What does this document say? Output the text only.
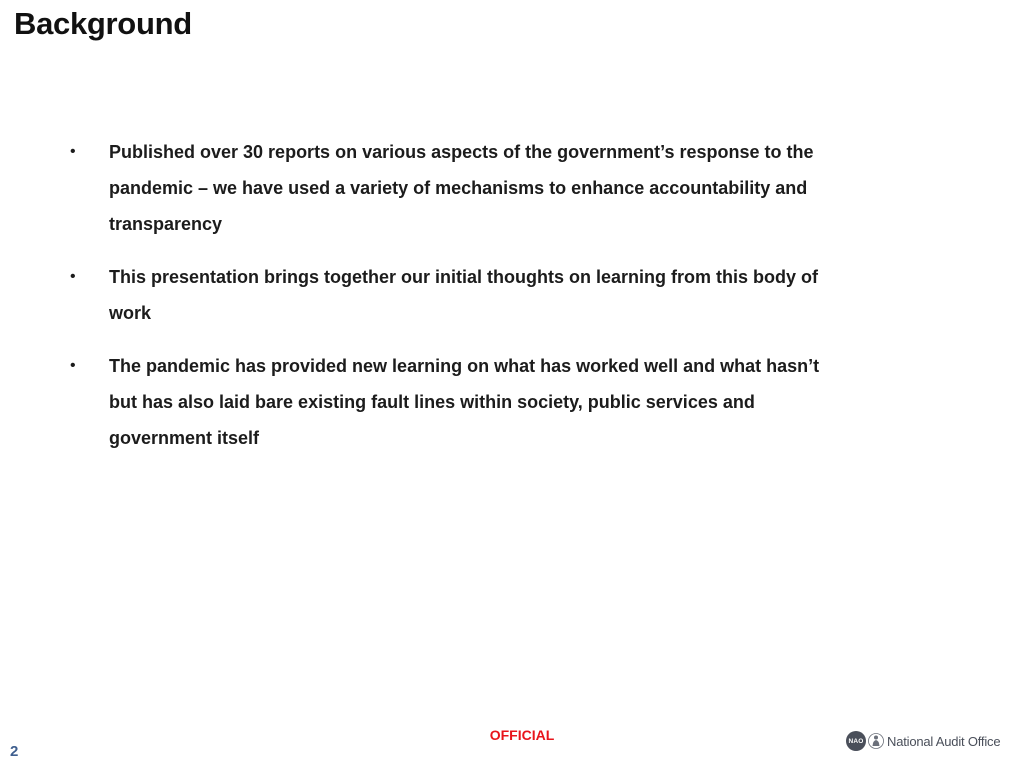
Background
• Published over 30 reports on various aspects of the government’s response to the pandemic – we have used a variety of mechanisms to enhance accountability and transparency
• This presentation brings together our initial thoughts on learning from this body of work
• The pandemic has provided new learning on what has worked well and what hasn’t but has also laid bare existing fault lines within society, public services and government itself
OFFICIAL
2
NAO National Audit Office
